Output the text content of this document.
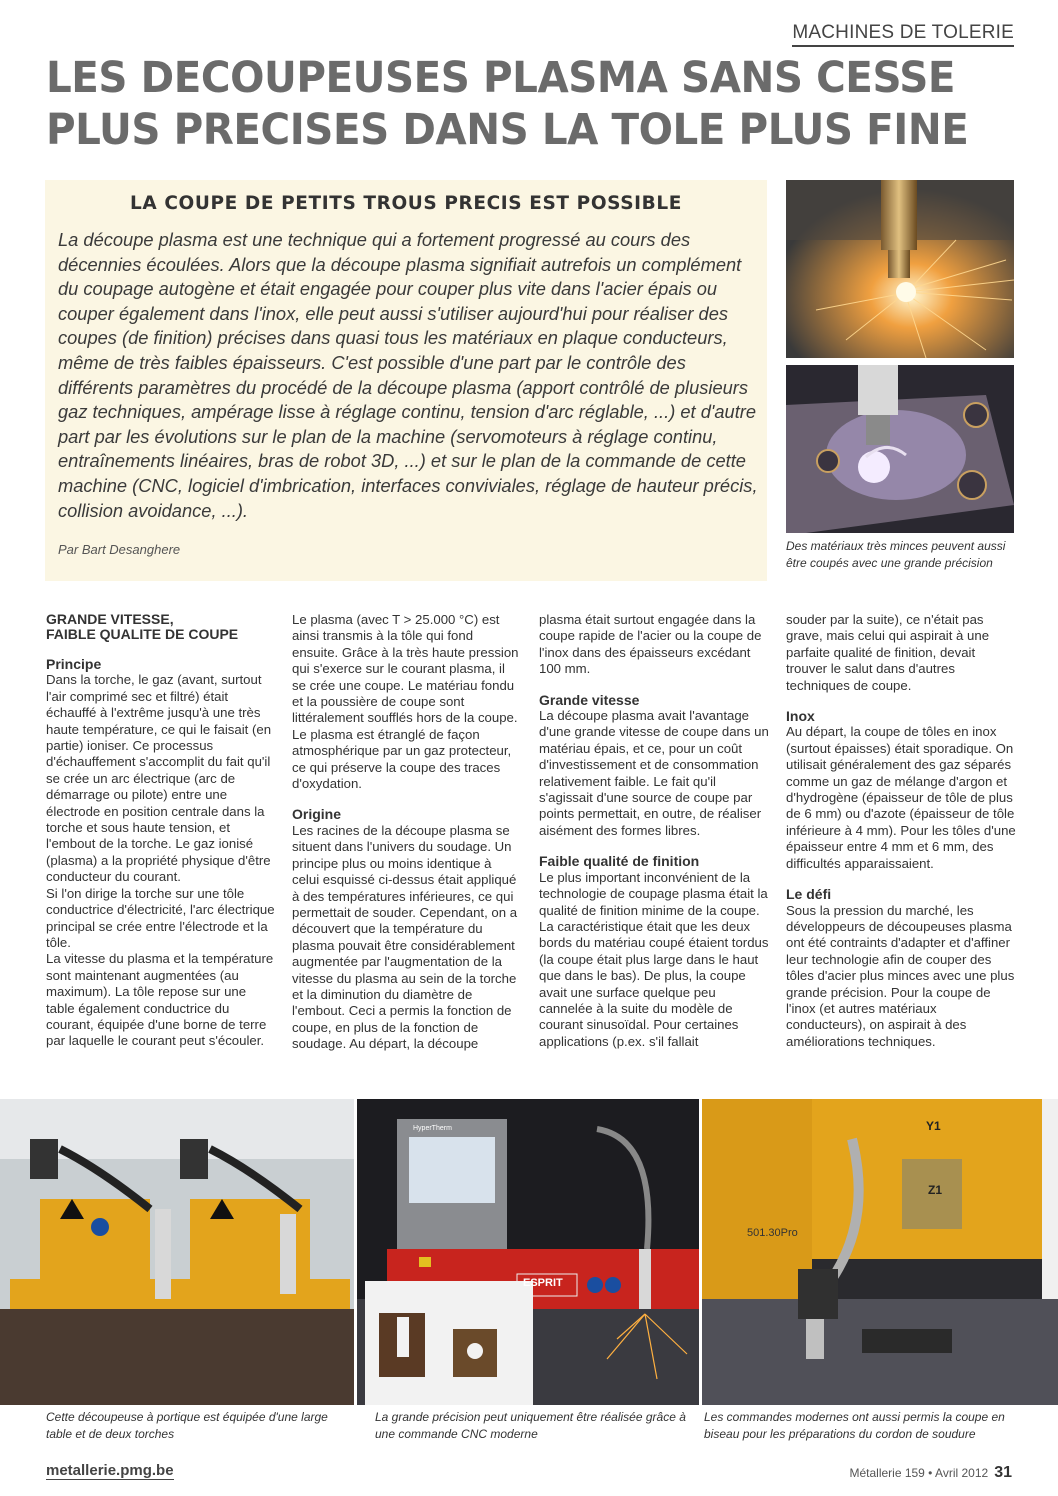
MACHINES DE TOLERIE
LES DECOUPEUSES PLASMA SANS CESSE
PLUS PRECISES DANS LA TOLE PLUS FINE
LA COUPE DE PETITS TROUS PRECIS EST POSSIBLE

La découpe plasma est une technique qui a fortement progressé au cours des décennies écoulées. Alors que la découpe plasma signifiait autrefois un complément du coupage autogène et était engagée pour couper plus vite dans l'acier épais ou couper également dans l'inox, elle peut aussi s'utiliser aujourd'hui pour réaliser des coupes (de finition) précises dans quasi tous les matériaux en plaque conducteurs, même de très faibles épaisseurs. C'est possible d'une part par le contrôle des différents paramètres du procédé de la découpe plasma (apport contrôlé de plusieurs gaz techniques, ampérage lisse à réglage continu, tension d'arc réglable, ...) et d'autre part par les évolutions sur le plan de la machine (servomoteurs à réglage continu, entraînements linéaires, bras de robot 3D, ...) et sur le plan de la commande de cette machine (CNC, logiciel d'imbrication, interfaces conviviales, réglage de hauteur précis, collision avoidance, ...).

Par Bart Desanghere	Des matériaux très minces peuvent aussi être coupés avec une grande précision

GRANDE VITESSE,
FAIBLE QUALITE DE COUPE
Principe

Dans la torche, le gaz (avant, surtout l'air comprimé sec et filtré) était échauffé à l'extrême jusqu'à une très haute température, ce qui le faisait (en partie) ioniser. Ce processus d'échauffement s'accomplit du fait qu'il se crée un arc électrique (arc de démarrage ou pilote) entre une électrode en position centrale dans la torche et sous haute tension, et l'embout de la torche. Le gaz ionisé (plasma) a la propriété physique d'être conducteur du courant.

Si l'on dirige la torche sur une tôle conductrice d'électricité, l'arc électrique principal se crée entre l'électrode et la tôle.

La vitesse du plasma et la température sont maintenant augmentées (au maximum). La tôle repose sur une table également conductrice du courant, équipée d'une borne de terre par laquelle le courant peut s'écouler.

Le plasma (avec T > 25.000 °C) est ainsi transmis à la tôle qui fond ensuite. Grâce à la très haute pression qui s'exerce sur le courant plasma, il se crée une coupe. Le matériau fondu et la poussière de coupe sont littéralement soufflés hors de la coupe. Le plasma est étranglé de façon atmosphérique par un gaz protecteur, ce qui préserve la coupe des traces d'oxydation.

Origine

Les racines de la découpe plasma se situent dans l'univers du soudage. Un principe plus ou moins identique à celui esquissé ci-dessus était appliqué à des températures inférieures, ce qui permettait de souder. Cependant, on a découvert que la température du plasma pouvait être considérablement augmentée par l'augmentation de la vitesse du plasma au sein de la torche et la diminution du diamètre de l'embout. Ceci a permis la fonction de coupe, en plus de la fonction de soudage. Au départ, la découpe

plasma était surtout engagée dans la coupe rapide de l'acier ou la coupe de l'inox dans des épaisseurs excédant 100 mm.

Grande vitesse

La découpe plasma avait l'avantage d'une grande vitesse de coupe dans un matériau épais, et ce, pour un coût d'investissement et de consommation relativement faible. Le fait qu'il s'agissait d'une source de coupe par points permettait, en outre, de réaliser aisément des formes libres.

Faible qualité de finition

Le plus important inconvénient de la technologie de coupage plasma était la qualité de finition minime de la coupe. La caractéristique était que les deux bords du matériau coupé étaient tordus (la coupe était plus large dans le haut que dans le bas). De plus, la coupe avait une surface quelque peu cannelée à la suite du modèle de courant sinusoïdal. Pour certaines applications (p.ex. s'il fallait

souder par la suite), ce n'était pas grave, mais celui qui aspirait à une parfaite qualité de finition, devait trouver le salut dans d'autres techniques de coupe.

Inox

Au départ, la coupe de tôles en inox (surtout épaisses) était sporadique. On utilisait généralement des gaz séparés comme un gaz de mélange d'argon et d'hydrogène (épaisseur de tôle de plus de 6 mm) ou d'azote (épaisseur de tôle inférieure à 4 mm). Pour les tôles d'une épaisseur entre 4 mm et 6 mm, des difficultés apparaissaient.

Le défi

Sous la pression du marché, les développeurs de découpeuses plasma ont été contraints d'adapter et d'affiner leur technologie afin de couper des tôles d'acier plus minces avec une plus grande précision. Pour la coupe de l'inox (et autres matériaux conducteurs), on aspirait à des améliorations techniques.

HyperTherm
ESPRIT
Y1
Z1
501.30Pro

Cette découpeuse à portique est équipée d'une large table et de deux torches

La grande précision peut uniquement être réalisée grâce à une commande CNC moderne

Les commandes modernes ont aussi permis la coupe en biseau pour les préparations du cordon de soudure

metallerie.pmg.be	Métallerie 159 • Avril 2012 31
